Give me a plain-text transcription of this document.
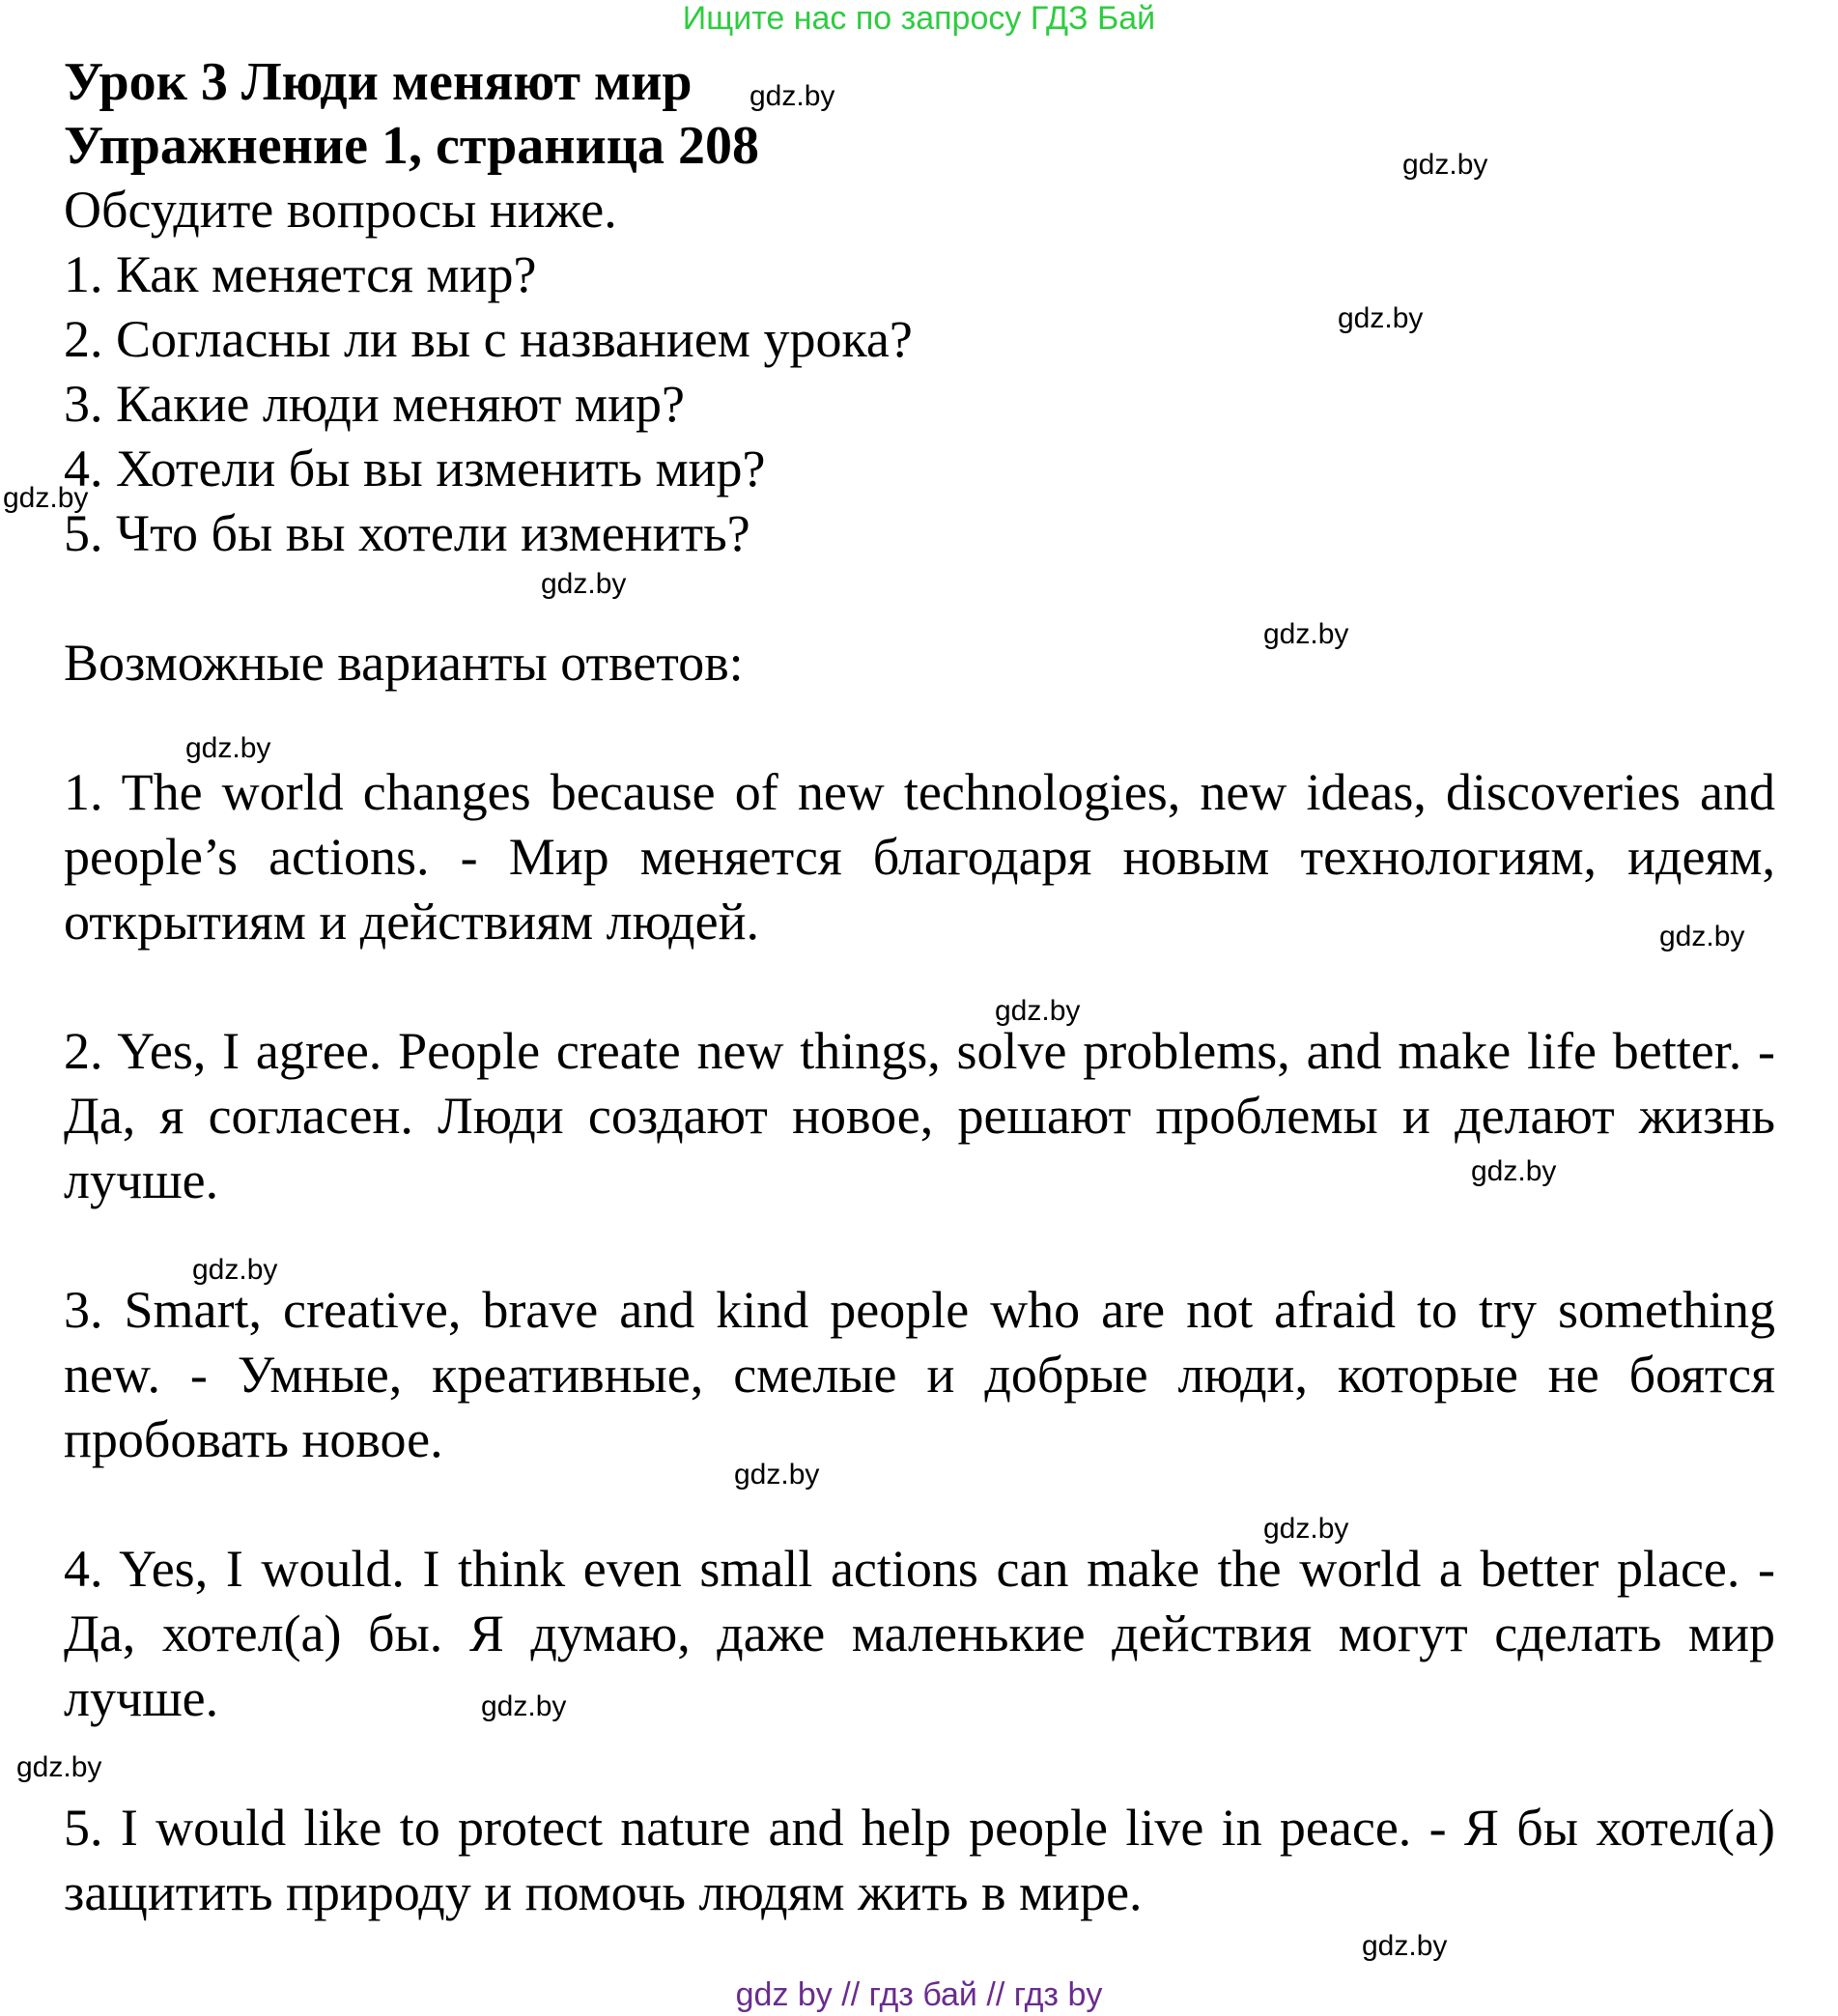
Ищите нас по запросу ГДЗ Бай
Урок 3 Люди меняют мир
Упражнение 1, страница 208

Обсудите вопросы ниже.

1. Как меняется мир?

2. Согласны ли вы с названием урока?

3. Какие люди меняют мир?

4. Хотели бы вы изменить мир?

5. Что бы вы хотели изменить?

Возможные варианты ответов:

1. The world changes because of new technologies, new ideas, discoveries and people’s actions. - Мир меняется благодаря новым технологиям, идеям, открытиям и действиям людей.

2. Yes, I agree. People create new things, solve problems, and make life better. - Да, я согласен. Люди создают новое, решают проблемы и делают жизнь лучше.

3. Smart, creative, brave and kind people who are not afraid to try something new. - Умные, креативные, смелые и добрые люди, которые не боятся пробовать новое.

4. Yes, I would. I think even small actions can make the world a better place. - Да, хотел(а) бы. Я думаю, даже маленькие действия могут сделать мир лучше.

5. I would like to protect nature and help people live in peace. - Я бы хотел(а) защитить природу и помочь людям жить в мире.

gdz.by
gdz.by
gdz.by
gdz.by
gdz.by
gdz.by
gdz.by
gdz.by
gdz.by
gdz.by
gdz.by
gdz.by
gdz.by
gdz.by
gdz.by
gdz.by
gdz by // гдз бай // гдз by
